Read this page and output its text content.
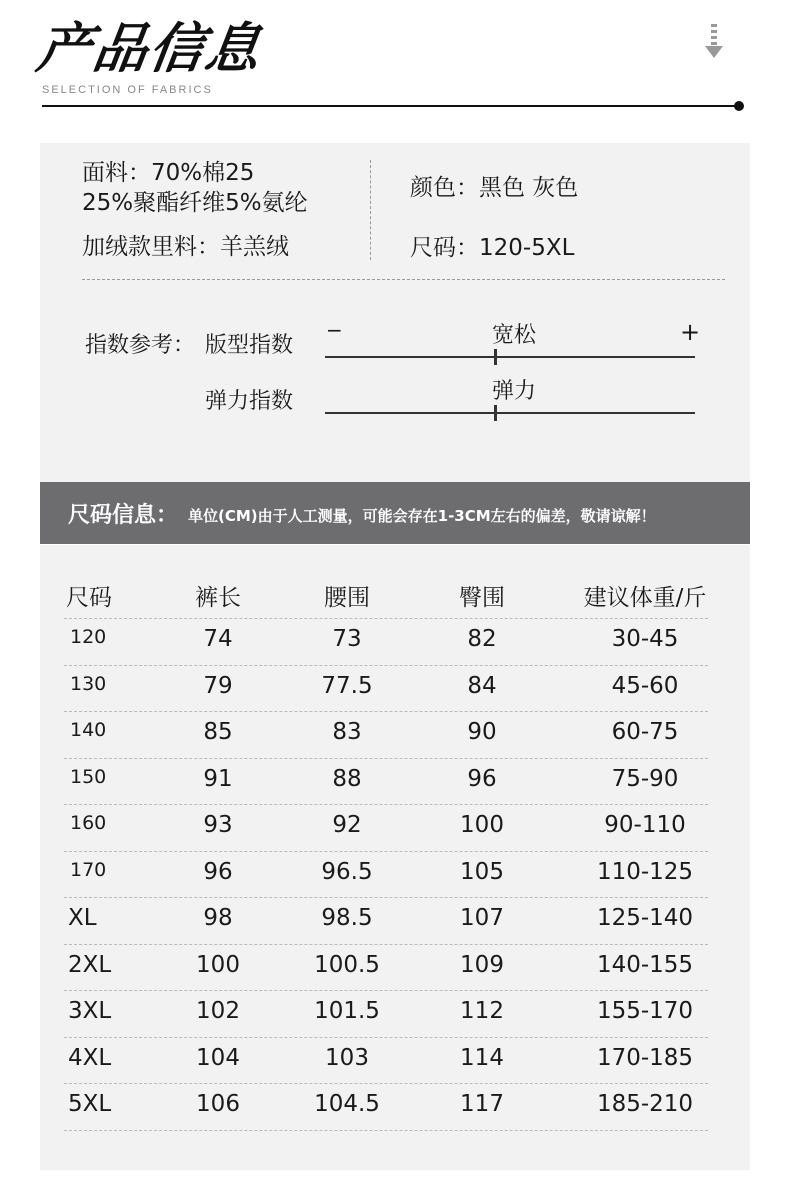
产品信息
SELECTION OF FABRICS
面料：70%棉25
25%聚酯纤维5%氨纶
加绒款里料：羊羔绒
颜色：黑色 灰色
尺码：120-5XL
指数参考： 版型指数
−	宽松	+
弹力指数	弹力
尺码信息： 单位(CM)由于人工测量，可能会存在1-3CM左右的偏差，敬请谅解！
尺码	裤长	腰围	臀围	建议体重/斤
120	74	73	82	30-45
130	79	77.5	84	45-60
140	85	83	90	60-75
150	91	88	96	75-90
160	93	92	100	90-110
170	96	96.5	105	110-125
XL	98	98.5	107	125-140
2XL	100	100.5	109	140-155
3XL	102	101.5	112	155-170
4XL	104	103	114	170-185
5XL	106	104.5	117	185-210
